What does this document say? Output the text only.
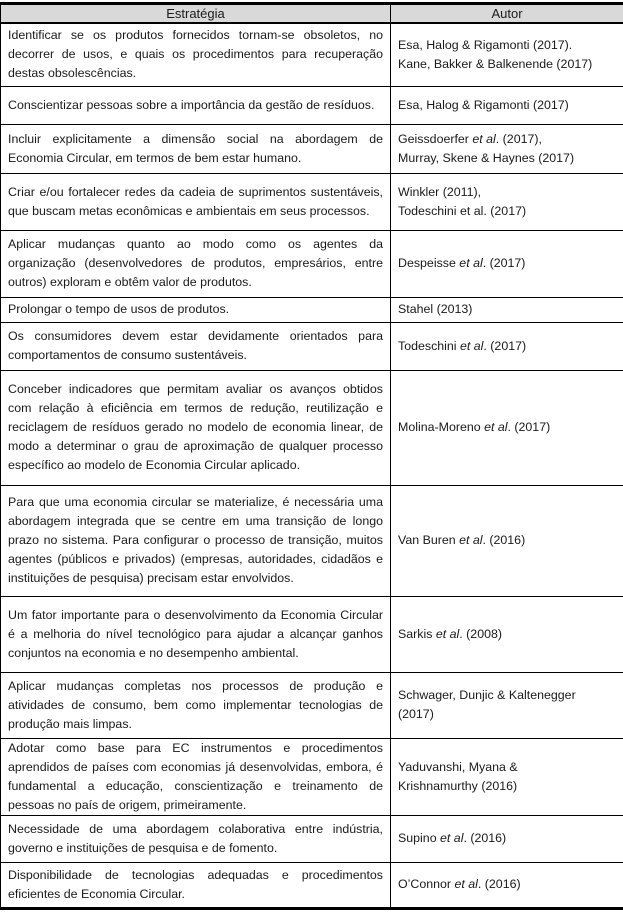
Estratégia	Autor
Identificar se os produtos fornecidos tornam-se obsoletos, no decorrer de usos, e quais os procedimentos para recuperação destas obsolescências.	Esa, Halog & Rigamonti (2017).
Kane, Bakker & Balkenende (2017)

Conscientizar pessoas sobre a importância da gestão de resíduos.	Esa, Halog & Rigamonti (2017)

Incluir explicitamente a dimensão social na abordagem de Economia Circular, em termos de bem estar humano.	Geissdoerfer et al. (2017),
Murray, Skene & Haynes (2017)

Criar e/ou fortalecer redes da cadeia de suprimentos sustentáveis, que buscam metas econômicas e ambientais em seus processos.	Winkler (2011),
Todeschini et al. (2017)

Aplicar mudanças quanto ao modo como os agentes da organização (desenvolvedores de produtos, empresários, entre outros) exploram e obtêm valor de produtos.	Despeisse et al. (2017)

Prolongar o tempo de usos de produtos.	Stahel (2013)

Os consumidores devem estar devidamente orientados para comportamentos de consumo sustentáveis.	Todeschini et al. (2017)

Conceber indicadores que permitam avaliar os avanços obtidos com relação à eficiência em termos de redução, reutilização e reciclagem de resíduos gerado no modelo de economia linear, de modo a determinar o grau de aproximação de qualquer processo específico ao modelo de Economia Circular aplicado.	Molina-Moreno et al. (2017)

Para que uma economia circular se materialize, é necessária uma abordagem integrada que se centre em uma transição de longo prazo no sistema. Para configurar o processo de transição, muitos agentes (públicos e privados) (empresas, autoridades, cidadãos e instituições de pesquisa) precisam estar envolvidos.	Van Buren et al. (2016)

Um fator importante para o desenvolvimento da Economia Circular é a melhoria do nível tecnológico para ajudar a alcançar ganhos conjuntos na economia e no desempenho ambiental.	Sarkis et al. (2008)

Aplicar mudanças completas nos processos de produção e atividades de consumo, bem como implementar tecnologias de produção mais limpas.	Schwager, Dunjic & Kaltenegger
(2017)

Adotar como base para EC instrumentos e procedimentos aprendidos de países com economias já desenvolvidas, embora, é fundamental a educação, conscientização e treinamento de pessoas no país de origem, primeiramente.	Yaduvanshi, Myana &
Krishnamurthy (2016)

Necessidade de uma abordagem colaborativa entre indústria, governo e instituições de pesquisa e de fomento.	Supino et al. (2016)

Disponibilidade de tecnologias adequadas e procedimentos eficientes de Economia Circular.	O’Connor et al. (2016)
